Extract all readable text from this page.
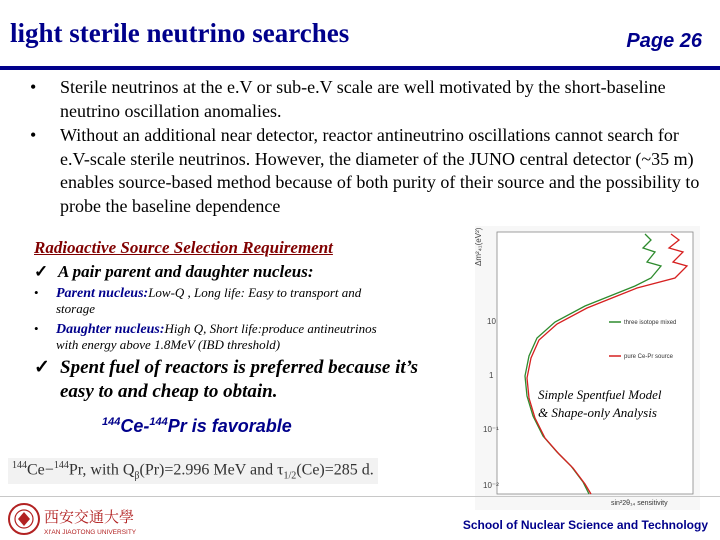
light sterile neutrino searches	Page 26
• Sterile neutrinos at the e.V or sub-e.V scale are well motivated by the short-baseline neutrino oscillation anomalies.
• Without an additional near detector, reactor antineutrino oscillations cannot search for e.V-scale sterile neutrinos. However, the diameter of the JUNO central detector (~35 m) enables source-based method because of both purity of their source and the possibility to probe the baseline dependence
Radioactive Source Selection Requirement
✓ A pair parent and daughter nucleus:
• Parent nucleus:Low-Q , Long life: Easy to transport and
storage
• Daughter nucleus:High Q, Short life:produce antineutrinos
with energy above 1.8MeV (IBD threshold)
✓ Spent fuel of reactors is preferred because it’s
easy to and cheap to obtain.
$^{144}$Ce-$^{144}$Pr is favorable
$^{144}$Ce−$^{144}$Pr, with $Q_\beta(Pr)=2.996$ MeV and $\tau_{1/2}(Ce)=285$ d.
Δm²₄₁(eV²)
10
1
10⁻¹
10⁻²
three isotope mixed
pure Ce-Pr source
sin²2θ₁₄ sensitivity
Simple Spentfuel Model
& Shape-only Analysis
西安交通大學
XI'AN JIAOTONG UNIVERSITY
School of Nuclear Science and Technology
